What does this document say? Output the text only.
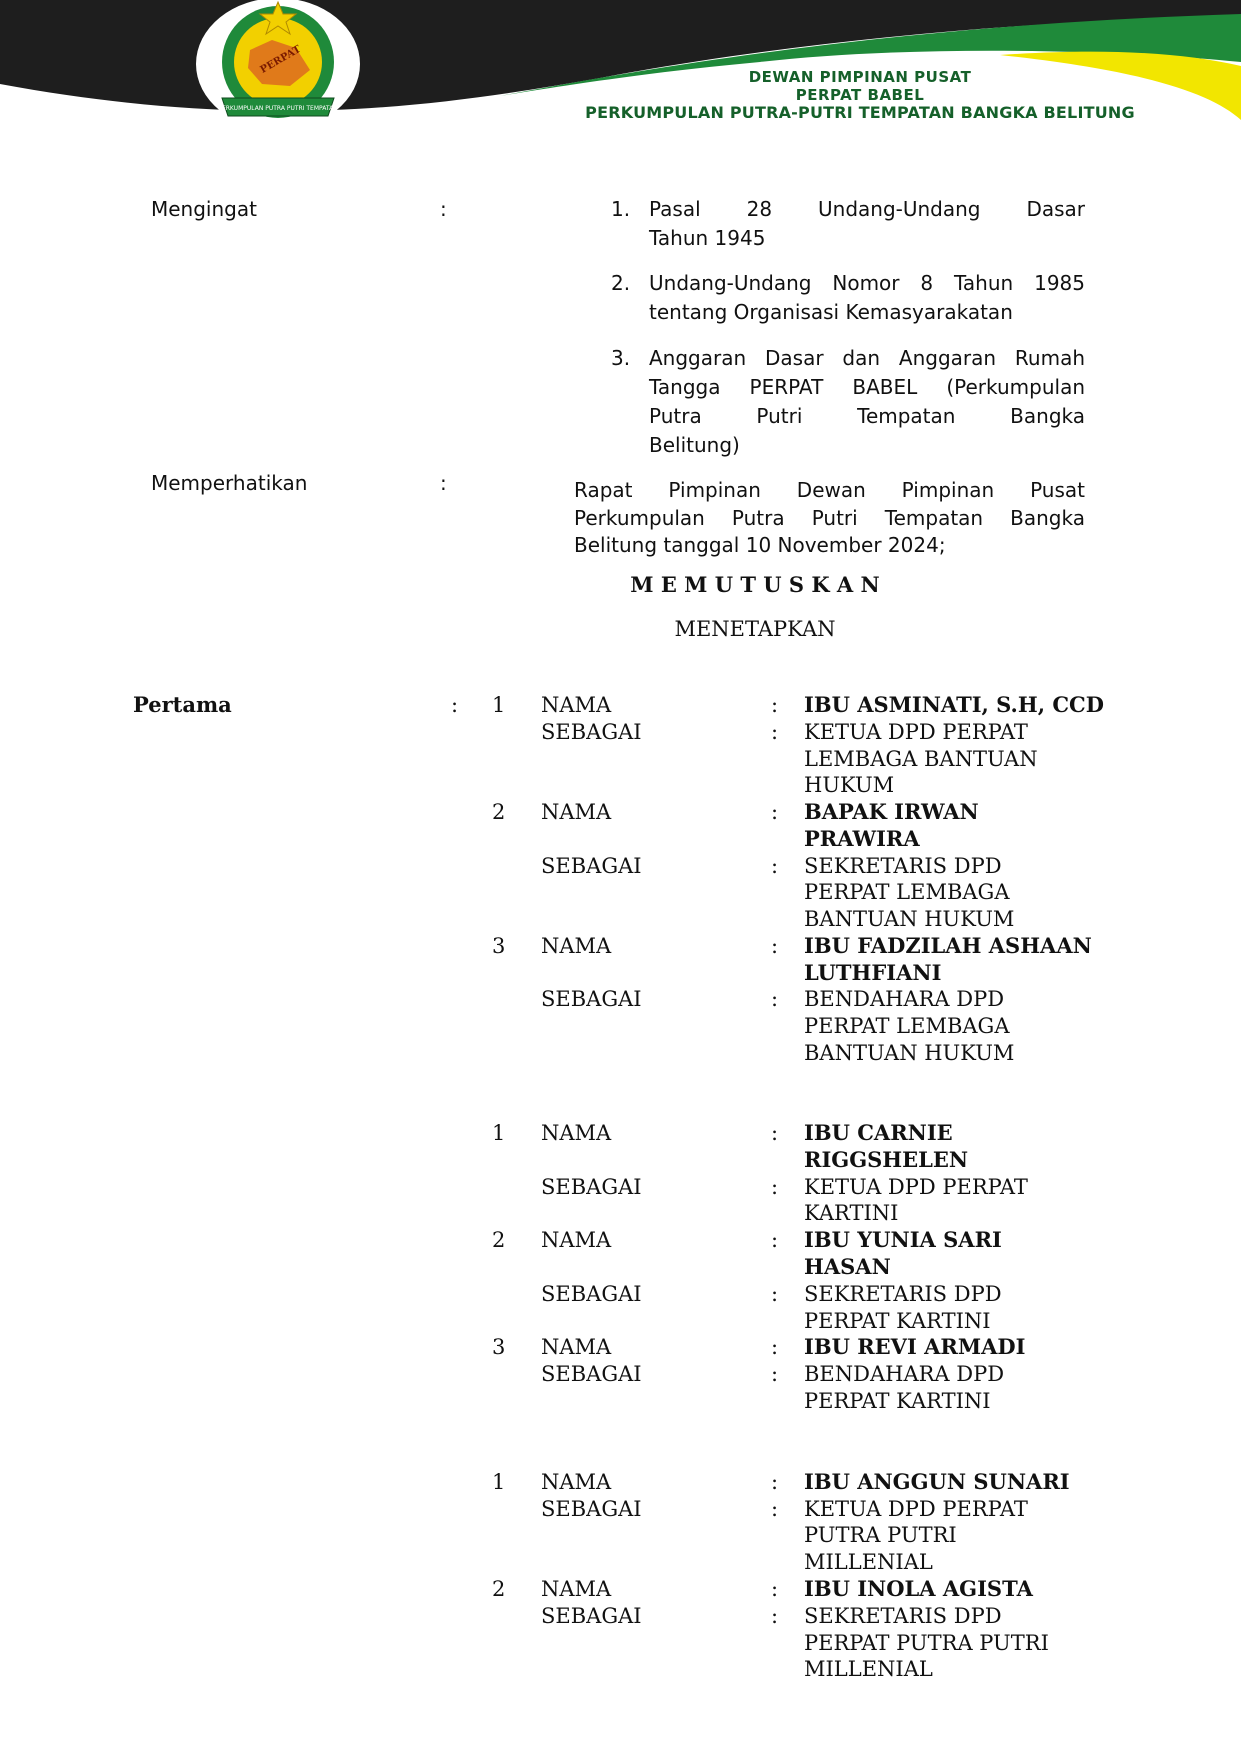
PERPAT
PERKUMPULAN PUTRA PUTRI TEMPATAN
DEWAN PIMPINAN PUSAT
PERPAT BABEL
PERKUMPULAN PUTRA-PUTRI TEMPATAN BANGKA BELITUNG
Mengingat	:	1. Pasal 28 Undang-Undang Dasar
Tahun 1945
2. Undang-Undang Nomor 8 Tahun 1985
tentang Organisasi Kemasyarakatan
3. Anggaran Dasar dan Anggaran Rumah
Tangga PERPAT BABEL (Perkumpulan
Putra Putri Tempatan Bangka
Belitung)
Memperhatikan	:	Rapat Pimpinan Dewan Pimpinan Pusat
Perkumpulan Putra Putri Tempatan Bangka
Belitung tanggal 10 November 2024;
M E M U T U S K A N
MENETAPKAN
Pertama	: 1 NAMA	: IBU ASMINATI, S.H, CCD
SEBAGAI	: KETUA DPD PERPAT
LEMBAGA BANTUAN
HUKUM
2 NAMA	: BAPAK IRWAN
PRAWIRA
SEBAGAI	: SEKRETARIS DPD
PERPAT LEMBAGA
BANTUAN HUKUM
3 NAMA	: IBU FADZILAH ASHAAN
LUTHFIANI
SEBAGAI	: BENDAHARA DPD
PERPAT LEMBAGA
BANTUAN HUKUM
1 NAMA	: IBU CARNIE
RIGGSHELEN
SEBAGAI	: KETUA DPD PERPAT
KARTINI
2 NAMA	: IBU YUNIA SARI
HASAN
SEBAGAI	: SEKRETARIS DPD
PERPAT KARTINI
3 NAMA	: IBU REVI ARMADI
SEBAGAI	: BENDAHARA DPD
PERPAT KARTINI
1 NAMA	: IBU ANGGUN SUNARI
SEBAGAI	: KETUA DPD PERPAT
PUTRA PUTRI
MILLENIAL
2 NAMA	: IBU INOLA AGISTA
SEBAGAI	: SEKRETARIS DPD
PERPAT PUTRA PUTRI
MILLENIAL
